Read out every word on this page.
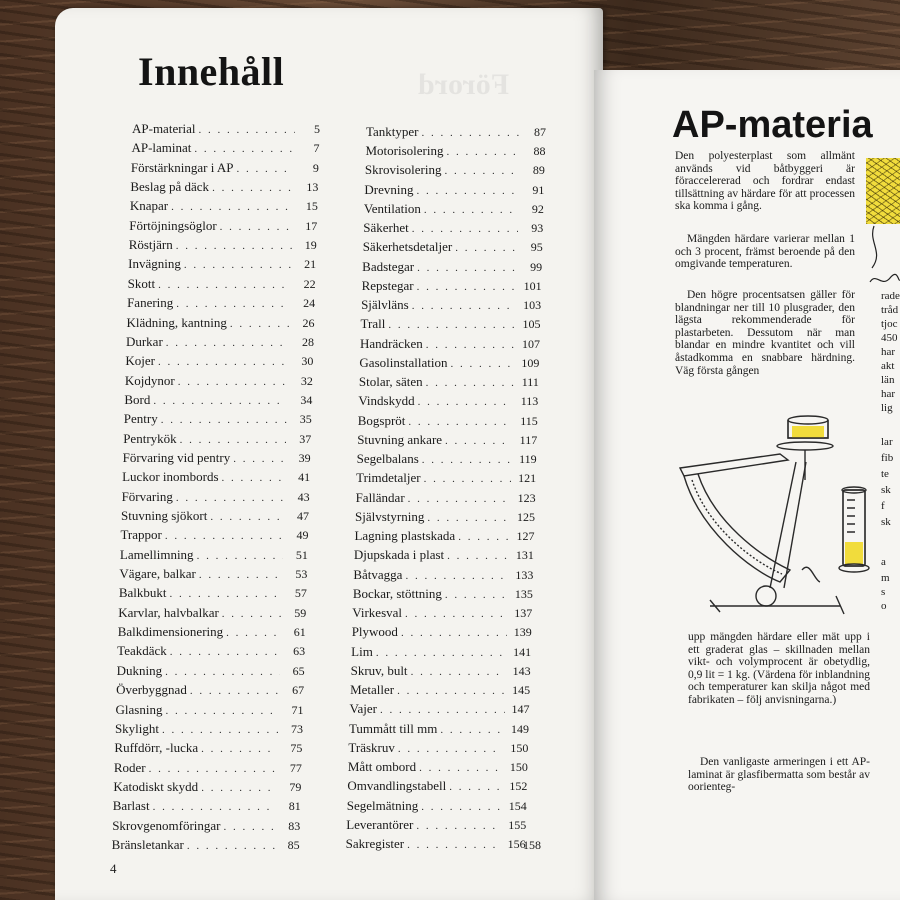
Förord
Innehåll
AP-material . . .	5
AP-laminat . . .	7
Förstärkningar i AP . . .	9
Beslag på däck . . .	13
Knapar . . .	15
Förtöjningsöglor . . .	17
Röstjärn . . .	19
Invägning . . .	21
Skott . . .	22
Fanering . . .	24
Klädning, kantning . . .	26
Durkar . . .	28
Kojer . . .	30
Kojdynor . . .	32
Bord . . .	34
Pentry . . .	35
Pentrykök . . .	37
Förvaring vid pentry . . .	39
Luckor inombords . . .	41
Förvaring . . .	43
Stuvning sjökort . . .	47
Trappor . . .	49
Lamellimning . . .	51
Vägare, balkar . . .	53
Balkbukt . . .	57
Karvlar, halvbalkar . . .	59
Balkdimensionering . . .	61
Teakdäck . . .	63
Dukning . . .	65
Överbyggnad . . .	67
Glasning . . .	71
Skylight . . .	73
Ruffdörr, -lucka . . .	75
Roder . . .	77
Katodiskt skydd . . .	79
Barlast . . .	81
Skrovgenomföringar . . .	83
Bränsletankar . . .	85
Tanktyper . . .	87
Motorisolering . . .	88
Skrovisolering . . .	89
Drevning . . .	91
Ventilation . . .	92
Säkerhet . . .	93
Säkerhetsdetaljer . . .	95
Badstegar . . .	99
Repstegar . . .	101
Självläns . . .	103
Trall . . .	105
Handräcken . . .	107
Gasolinstallation . . .	109
Stolar, säten . . .	111
Vindskydd . . .	113
Bogspröt . . .	115
Stuvning ankare . . .	117
Segelbalans . . .	119
Trimdetaljer . . .	121
Falländar . . .	123
Självstyrning . . .	125
Lagning plastskada . . .	127
Djupskada i plast . . .	131
Båtvagga . . .	133
Bockar, stöttning . . .	135
Virkesval . . .	137
Plywood . . .	139
Lim . . .	141
Skruv, bult . . .	143
Metaller . . .	145
Vajer . . .	147
Tummått till mm . . .	149
Träskruv . . .	150
Mått ombord . . .	150
Omvandlingstabell . . .	152
Segelmätning . . .	154
Leverantörer . . .	155
Sakregister . . .	156
4
AP-materia
Den polyesterplast som allmänt används vid båtbyggeri är föraccelererad och fordrar endast tillsättning av härdare för att processen ska komma i gång.
Mängden härdare varierar mellan 1 och 3 procent, främst beroende på den omgivande temperaturen.
Den högre procentsatsen gäller för blandningar ner till 10 plusgrader, den lägsta rekommenderade för plastarbeten. Dessutom när man blandar en mindre kvantitet och vill åstadkomma en snabbare härdning. Väg första gången
upp mängden härdare eller mät upp i ett graderat glas – skillnaden mellan vikt- och volymprocent är obetydlig, 0,9 lit = 1 kg. (Värdena för inblandning och temperaturer kan skilja något med fabrikaten – följ anvisningarna.)
Den vanligaste armeringen i ett AP-laminat är glasfibermatta som består av oorienteg-
rade
tråd
tjoc
450
har
akt
län
har
lig
lar
fib
te
sk
f
sk
a
m
s
o
158
